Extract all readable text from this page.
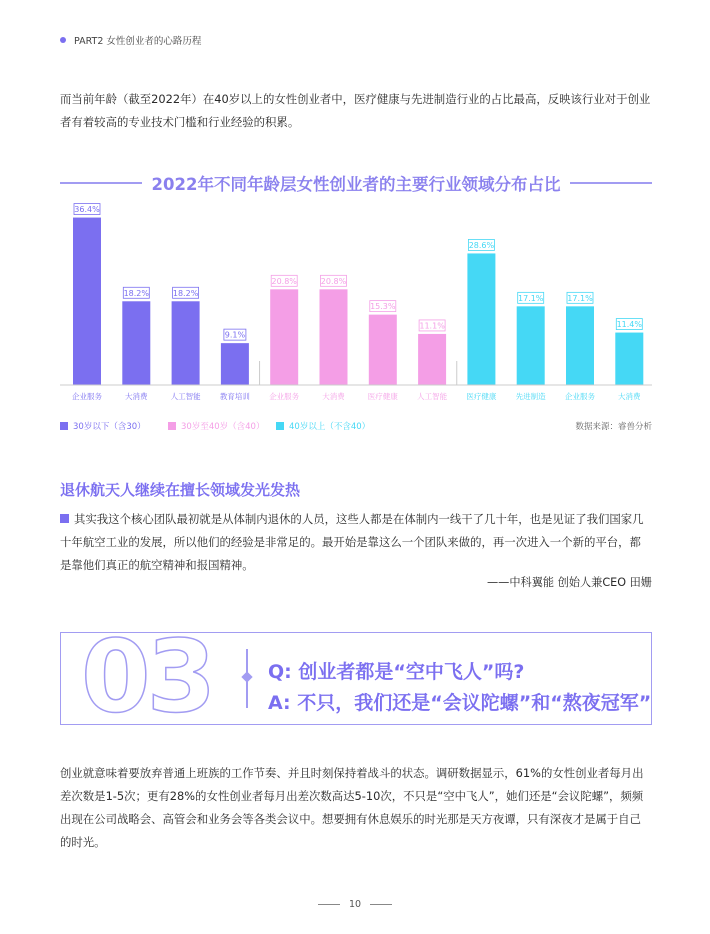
PART2 女性创业者的心路历程

而当前年龄（截至2022年）在40岁以上的女性创业者中，医疗健康与先进制造行业的占比最高，反映该行业对于创业者有着较高的专业技术门槛和行业经验的积累。

2022年不同年龄层女性创业者的主要行业领域分布占比
36.4%
企业服务
18.2%
大消费
18.2%
人工智能
9.1%
教育培训
20.8%
企业服务
20.8%
大消费
15.3%
医疗健康
11.1%
人工智能
28.6%
医疗健康
17.1%
先进制造
17.1%
企业服务
11.4%
大消费
30岁以下（含30）	30岁至40岁（含40）	40岁以上（不含40）	数据来源：睿兽分析
退休航天人继续在擅长领域发光发热

其实我这个核心团队最初就是从体制内退休的人员，这些人都是在体制内一线干了几十年，也是见证了我们国家几十年航空工业的发展，所以他们的经验是非常足的。最开始是靠这么一个团队来做的，再一次进入一个新的平台，都是靠他们真正的航空精神和报国精神。

——中科翼能 创始人兼CEO 田姗
03	Q: 创业者都是“空中飞人”吗?
A: 不只，我们还是“会议陀螺”和“熬夜冠军”

创业就意味着要放弃普通上班族的工作节奏、并且时刻保持着战斗的状态。调研数据显示，61%的女性创业者每月出差次数是1-5次；更有28%的女性创业者每月出差次数高达5-10次，不只是“空中飞人”，她们还是“会议陀螺”，频频出现在公司战略会、高管会和业务会等各类会议中。想要拥有休息娱乐的时光那是天方夜谭，只有深夜才是属于自己的时光。

10
